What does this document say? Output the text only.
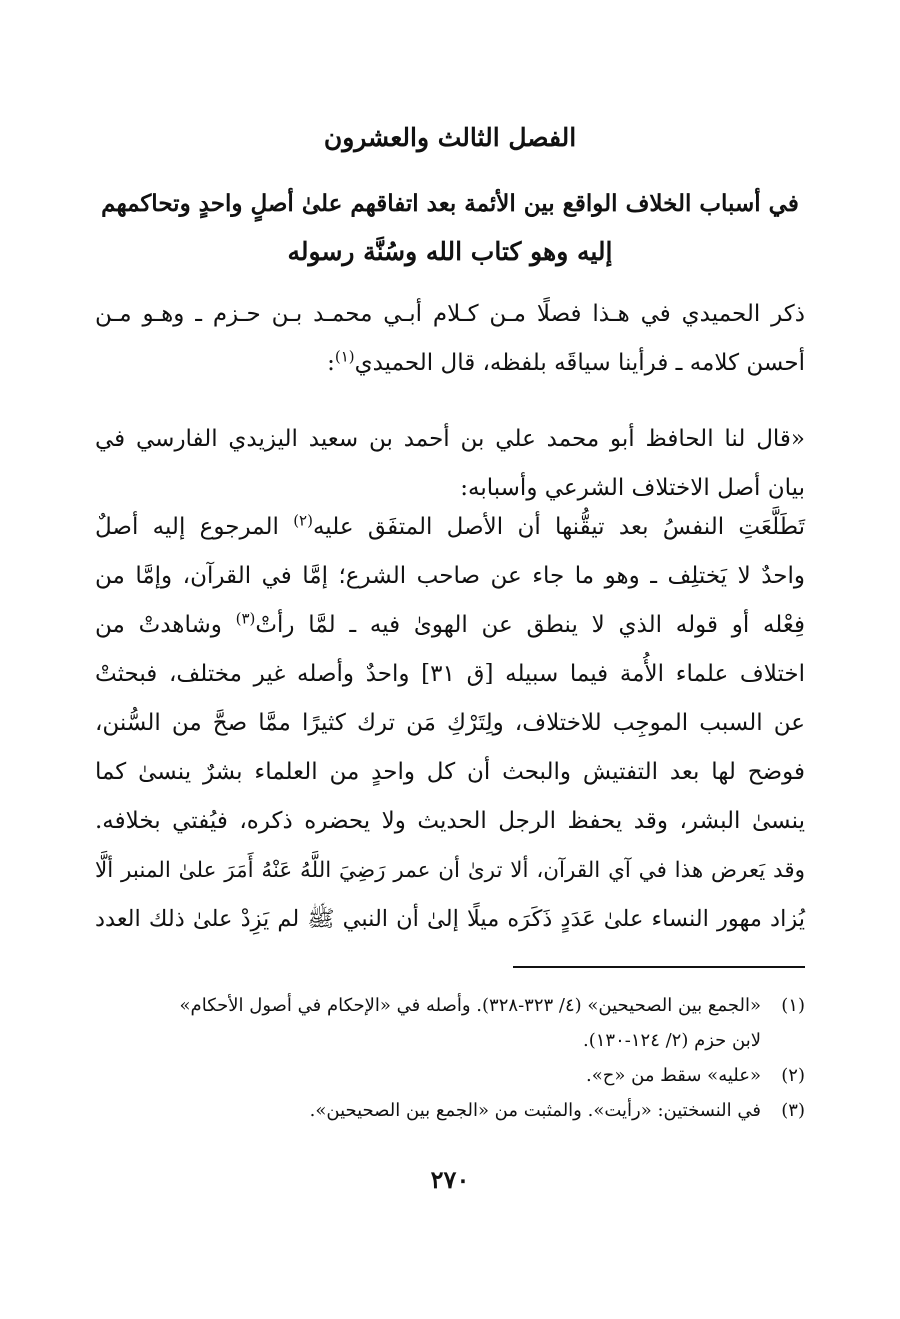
الفصل الثالث والعشرون
في أسباب الخلاف الواقع بين الأئمة بعد اتفاقهم علىٰ أصلٍ واحدٍ وتحاكمهم
إليه وهو كتاب الله وسُنَّة رسوله

ذكر الحميدي في هـذا فصلًا مـن كـلام أبـي محمـد بـن حـزم ـ وهـو مـن
أحسن كلامه ـ فرأينا سياقَه بلفظه، قال الحميدي$^{(١)}$:

«قال لنا الحافظ أبو محمد علي بن أحمد بن سعيد اليزيدي الفارسي في
بيان أصل الاختلاف الشرعي وأسبابه:

تَطَلَّعَتِ النفسُ بعد تيقُّنها أن الأصل المتفَق عليه$^{(٢)}$ المرجوع إليه أصلٌ
واحدٌ لا يَختلِف ـ وهو ما جاء عن صاحب الشرع؛ إمَّا في القرآن، وإمَّا من
فِعْله أو قوله الذي لا ينطق عن الهوىٰ فيه ـ لمَّا رأتْ$^{(٣)}$ وشاهدتْ من
اختلاف علماء الأُمة فيما سبيله [ق ٣١] واحدٌ وأصله غير مختلف، فبحثتْ
عن السبب الموجِب للاختلاف، ولِتَرْكِ مَن ترك كثيرًا ممَّا صحَّ من السُّنن،
فوضح لها بعد التفتيش والبحث أن كل واحدٍ من العلماء بشرٌ ينسىٰ كما
ينسىٰ البشر، وقد يحفظ الرجل الحديث ولا يحضره ذكره، فيُفتي بخلافه.
وقد يَعرض هذا في آي القرآن، ألا ترىٰ أن عمر رَضِيَ اللَّهُ عَنْهُ أَمَرَ علىٰ المنبر ألَّا
يُزاد مهور النساء علىٰ عَدَدٍ ذَكَرَه ميلًا إلىٰ أن النبي ﷺ لم يَزِدْ علىٰ ذلك العدد

(١)
«الجمع بين الصحيحين» (٤/ ٣٢٣-٣٢٨). وأصله في «الإحكام في أصول الأحكام»
لابن حزم (٢/ ١٢٤-١٣٠).
(٢)
«عليه» سقط من «ح».
(٣)
في النسختين: «رأيت». والمثبت من «الجمع بين الصحيحين».
٢٧٠
